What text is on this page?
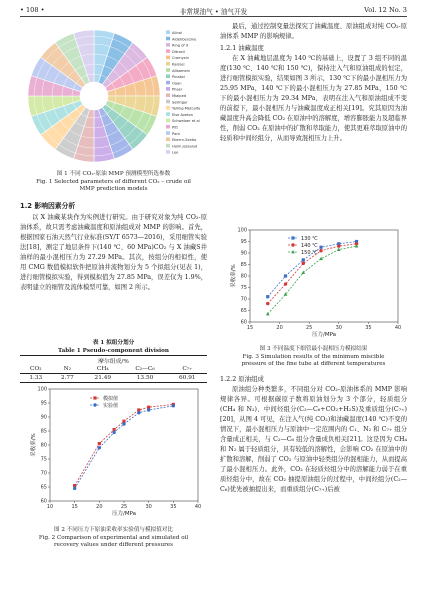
• 108 •	非常规油气 • 油气开发	Vol. 12 No. 3
Alinol
Aldehbenzine
Ring of it
Ditroxil
Cromysin
Kaissel
Allbamein
Pinakol
Oaan
Pheer
Miaiped
Sellinger
Yelling-Metcalfe
Else Aveton
Schwelaer et al
Pitt
Pant
Eberrn-Sextio
Holm Jossalud
Lee
图 1 不同 CO₂-原油 MMP 预测模型所选参数
Fig. 1 Selected parameters of different CO₂ – crude oil
MMP prediction models
1.2 影响因素分析

以 X 油藏某块作为实例进行研究。由于研究对象为纯 CO₂-原油体系，故只需考虑油藏温度和原油组成对 MMP 的影响。首先，根据国家石油天然气行业标准(SY/T 6573—2016)，采用细管实验法[18]，测定了地层条件下(140 ℃、60 MPa)CO₂ 与 X 油藏S井油样的最小混相压力为 27.29 MPa。其次，按组分的相似性，使用 CMG 数值模拟软件把原油井流物划分为 5 个拟组分(见表 1)，进行细管模拟实验，得到模拟值为 27.85 MPa，误差仅为 1.9%，表明建立的细管及流体模型可靠，如图 2 所示。

表 1 拟组分划分
Table 1 Pseudo-component division
摩尔组成/%				
CO₂	N₂	CH₄	C₂—C₆	C₇₊
1.33	2.77	21.49	13.50	60.91
10	15	20	25	30	35	40
60
65
70
75
80
85
90
95
100
压力/MPa
采收率/%
模拟值
实验值
图 2 不同压力下原油采收率实验值与模拟值对比
Fig. 2 Comparison of experimental and simulated oil
recovery values under different pressures

最后，通过控制变量法探究了油藏温度、原油组成对纯 CO₂-原油体系 MMP 的影响规律。

1.2.1 油藏温度

在 X 油藏地层温度为 140 ℃的基础上，设置了 3 组不同的温度(130 ℃、140 ℃和 150 ℃)，保持注入气和原油组成的恒定，进行细管模拟实验，结果如图 3 所示，130 ℃下的最小混相压力为 25.95 MPa，140 ℃下的最小混相压力为 27.85 MPa，150 ℃下的最小混相压力为 29.34 MPa，表明在注入气和原油组成不变的前提下，最小混相压力与油藏温度成正相关[19]。究其原因为油藏温度升高会降低 CO₂ 在原油中的溶解度，增容膨胀能力及超临界性，削弱 CO₂ 在原油中的扩散和萃取能力，使其更难萃取原油中的轻质和中间烃组分，从而导致混相压力上升。

15	20	25	30	35	40
60
65
70
75
80
85
90
95
100
压力/MPa
采收率/%
130 ℃
140 ℃
150 ℃
图 3 不同温度下细管最小混相压力模拟结果
Fig. 3 Simulation results of the minimum miscible
pressure of the fine tube at different temperatures
1.2.2 原油组成

原油组分种类繁多，不同组分对 CO₂-原油体系的 MMP 影响规律各异。可根据碳原子数将原油划分为 3 个部分，轻质组分(CH₄ 和 N₂)、中间烃组分(C₂—C₆+CO₂+H₂S)及重质组分(C₇₊)[20]，从图 4 可见，在注入气(纯 CO₂)和油藏温度(140 ℃)不变的情况下，最小混相压力与原油中一定范围内的 C₁、N₂ 和 C₇₊ 组分含量成正相关，与 C₂—C₆ 组分含量成负相关[21]。这是因为 CH₄ 和 N₂ 属于轻质组分，具有较低的溶解性，会影响 CO₂ 在原油中的扩散和溶解，削弱了 CO₂ 与原油中轻类组分的混相能力，从而提高了最小混相压力。此外，CO₂ 在轻质烃组分中的溶解能力弱于在重质烃组分中，故在 CO₂ 抽提原油组分的过程中，中间烃组分(C₂—C₆)优先被抽提出来，而重质组分(C₇₊)后被
